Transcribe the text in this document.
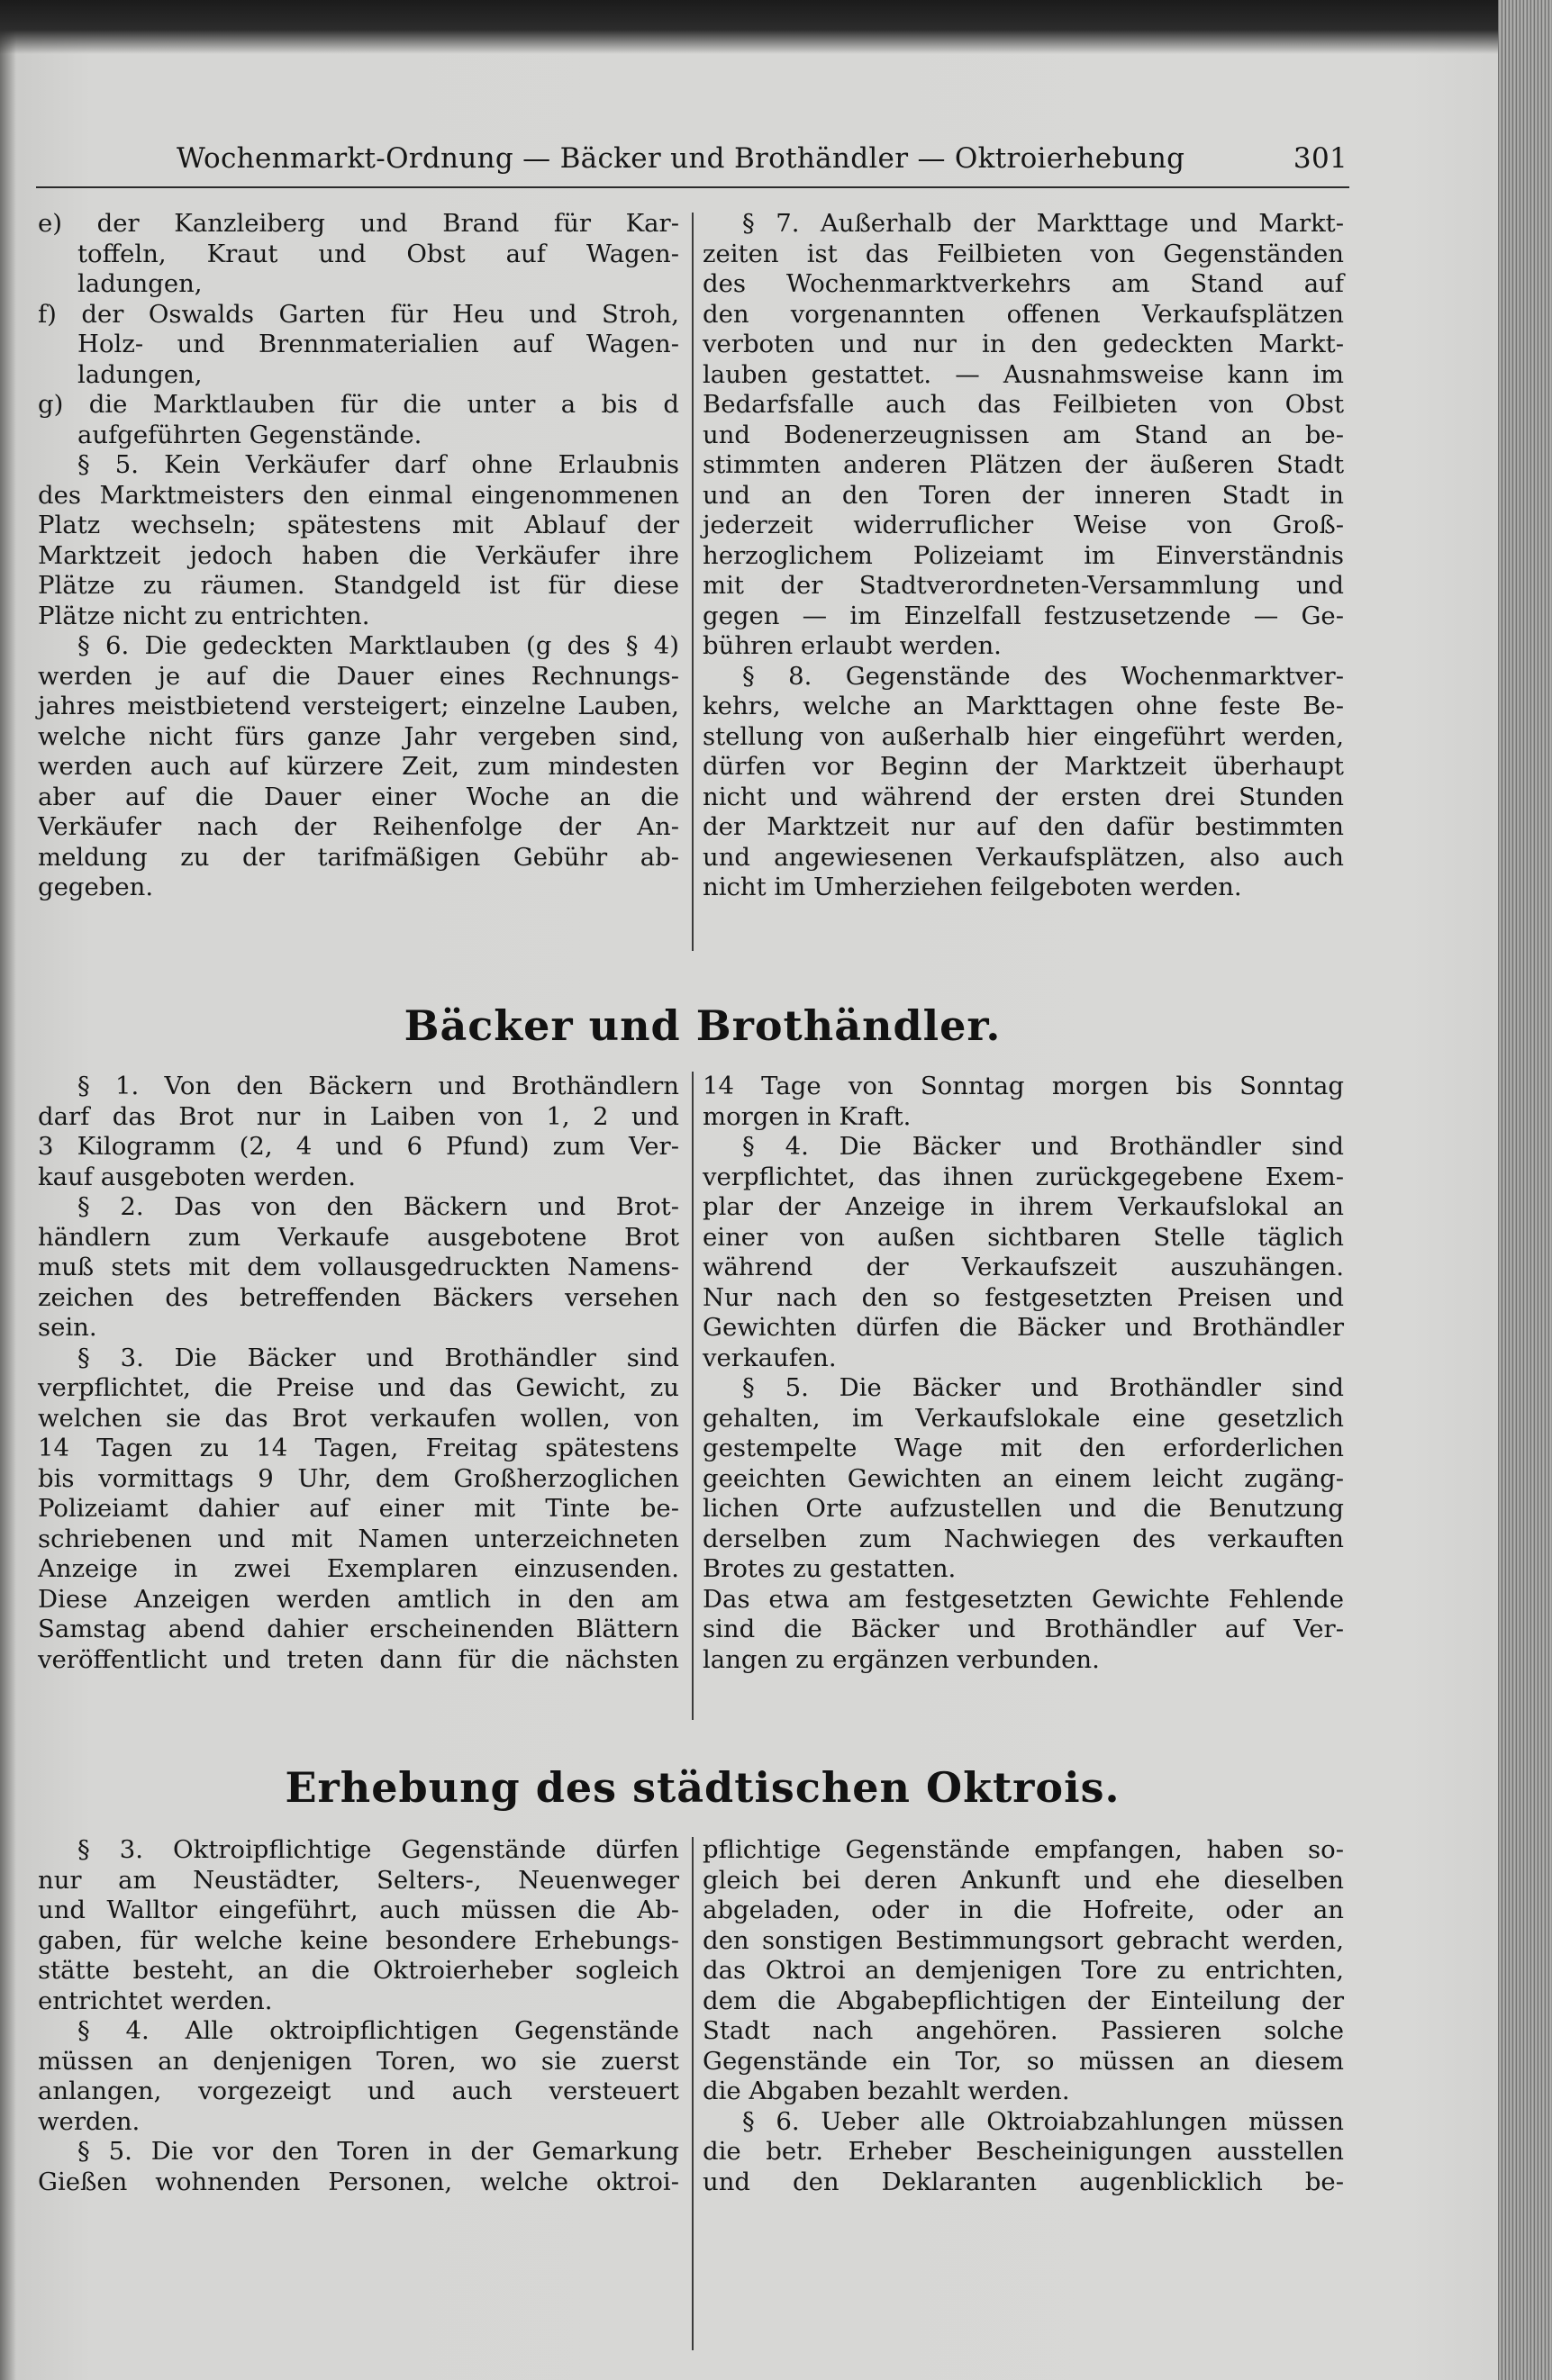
Wochenmarkt-Ordnung — Bäcker und Brothändler — Oktroierhebung	301

e) der Kanzleiberg und Brand für Kar-

toffeln, Kraut und Obst auf Wagen-

ladungen,

f) der Oswalds Garten für Heu und Stroh,

Holz- und Brennmaterialien auf Wagen-

ladungen,

g) die Marktlauben für die unter a bis d

aufgeführten Gegenstände.

§ 5. Kein Verkäufer darf ohne Erlaubnis

des Marktmeisters den einmal eingenommenen

Platz wechseln; spätestens mit Ablauf der

Marktzeit jedoch haben die Verkäufer ihre

Plätze zu räumen. Standgeld ist für diese

Plätze nicht zu entrichten.

§ 6. Die gedeckten Marktlauben (g des § 4)

werden je auf die Dauer eines Rechnungs-

jahres meistbietend versteigert; einzelne Lauben,

welche nicht fürs ganze Jahr vergeben sind,

werden auch auf kürzere Zeit, zum mindesten

aber auf die Dauer einer Woche an die

Verkäufer nach der Reihenfolge der An-

meldung zu der tarifmäßigen Gebühr ab-

gegeben.

§ 7. Außerhalb der Markttage und Markt-

zeiten ist das Feilbieten von Gegenständen

des Wochenmarktverkehrs am Stand auf

den vorgenannten offenen Verkaufsplätzen

verboten und nur in den gedeckten Markt-

lauben gestattet. — Ausnahmsweise kann im

Bedarfsfalle auch das Feilbieten von Obst

und Bodenerzeugnissen am Stand an be-

stimmten anderen Plätzen der äußeren Stadt

und an den Toren der inneren Stadt in

jederzeit widerruflicher Weise von Groß-

herzoglichem Polizeiamt im Einverständnis

mit der Stadtverordneten-Versammlung und

gegen — im Einzelfall festzusetzende — Ge-

bühren erlaubt werden.

§ 8. Gegenstände des Wochenmarktver-

kehrs, welche an Markttagen ohne feste Be-

stellung von außerhalb hier eingeführt werden,

dürfen vor Beginn der Marktzeit überhaupt

nicht und während der ersten drei Stunden

der Marktzeit nur auf den dafür bestimmten

und angewiesenen Verkaufsplätzen, also auch

nicht im Umherziehen feilgeboten werden.

Bäcker und Brothändler.

§ 1. Von den Bäckern und Brothändlern

darf das Brot nur in Laiben von 1, 2 und

3 Kilogramm (2, 4 und 6 Pfund) zum Ver-

kauf ausgeboten werden.

§ 2. Das von den Bäckern und Brot-

händlern zum Verkaufe ausgebotene Brot

muß stets mit dem vollausgedruckten Namens-

zeichen des betreffenden Bäckers versehen

sein.

§ 3. Die Bäcker und Brothändler sind

verpflichtet, die Preise und das Gewicht, zu

welchen sie das Brot verkaufen wollen, von

14 Tagen zu 14 Tagen, Freitag spätestens

bis vormittags 9 Uhr, dem Großherzoglichen

Polizeiamt dahier auf einer mit Tinte be-

schriebenen und mit Namen unterzeichneten

Anzeige in zwei Exemplaren einzusenden.

Diese Anzeigen werden amtlich in den am

Samstag abend dahier erscheinenden Blättern

veröffentlicht und treten dann für die nächsten

14 Tage von Sonntag morgen bis Sonntag

morgen in Kraft.

§ 4. Die Bäcker und Brothändler sind

verpflichtet, das ihnen zurückgegebene Exem-

plar der Anzeige in ihrem Verkaufslokal an

einer von außen sichtbaren Stelle täglich

während der Verkaufszeit auszuhängen.

Nur nach den so festgesetzten Preisen und

Gewichten dürfen die Bäcker und Brothändler

verkaufen.

§ 5. Die Bäcker und Brothändler sind

gehalten, im Verkaufslokale eine gesetzlich

gestempelte Wage mit den erforderlichen

geeichten Gewichten an einem leicht zugäng-

lichen Orte aufzustellen und die Benutzung

derselben zum Nachwiegen des verkauften

Brotes zu gestatten.

Das etwa am festgesetzten Gewichte Fehlende

sind die Bäcker und Brothändler auf Ver-

langen zu ergänzen verbunden.

Erhebung des städtischen Oktrois.

§ 3. Oktroipflichtige Gegenstände dürfen

nur am Neustädter, Selters-, Neuenweger

und Walltor eingeführt, auch müssen die Ab-

gaben, für welche keine besondere Erhebungs-

stätte besteht, an die Oktroierheber sogleich

entrichtet werden.

§ 4. Alle oktroipflichtigen Gegenstände

müssen an denjenigen Toren, wo sie zuerst

anlangen, vorgezeigt und auch versteuert

werden.

§ 5. Die vor den Toren in der Gemarkung

Gießen wohnenden Personen, welche oktroi-

pflichtige Gegenstände empfangen, haben so-

gleich bei deren Ankunft und ehe dieselben

abgeladen, oder in die Hofreite, oder an

den sonstigen Bestimmungsort gebracht werden,

das Oktroi an demjenigen Tore zu entrichten,

dem die Abgabepflichtigen der Einteilung der

Stadt nach angehören. Passieren solche

Gegenstände ein Tor, so müssen an diesem

die Abgaben bezahlt werden.

§ 6. Ueber alle Oktroiabzahlungen müssen

die betr. Erheber Bescheinigungen ausstellen

und den Deklaranten augenblicklich be-
